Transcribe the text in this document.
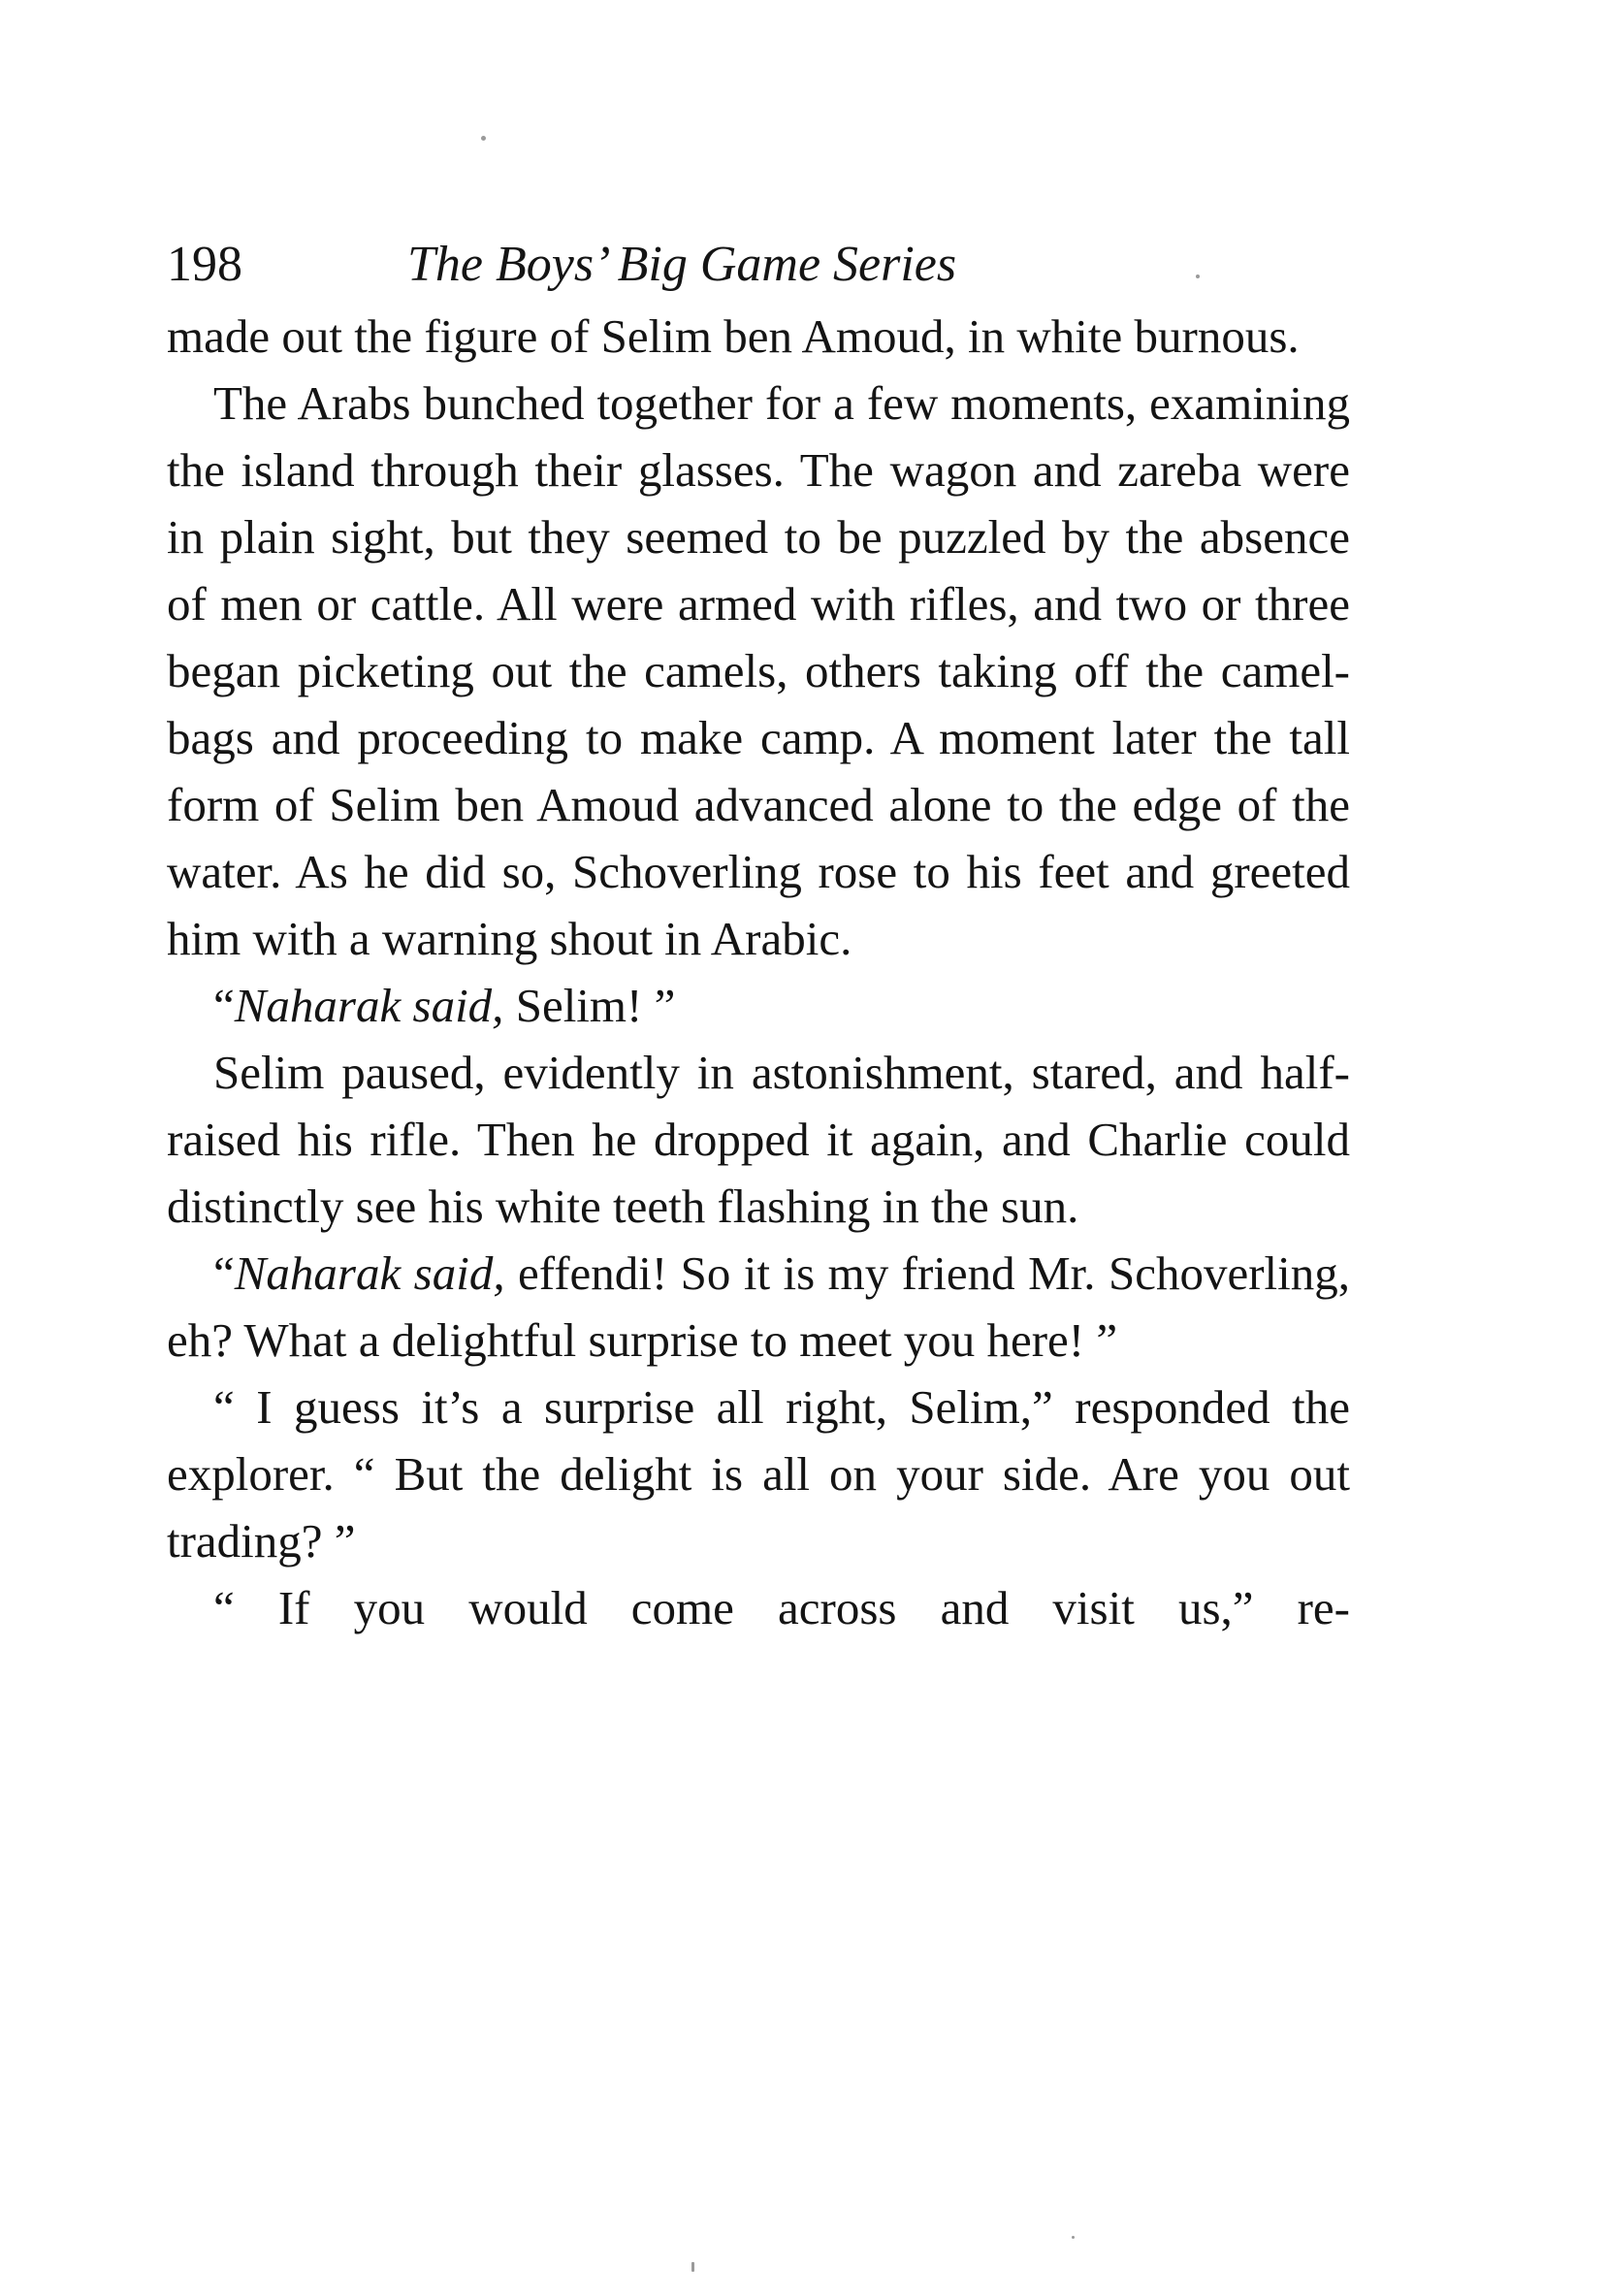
198	The Boys’ Big Game Series

made out the figure of Selim ben Amoud, in white burnous.

The Arabs bunched together for a few moments, examining the island through their glasses. The wagon and zareba were in plain sight, but they seemed to be puzzled by the absence of men or cattle. All were armed with rifles, and two or three began picketing out the camels, others taking off the camel-bags and proceeding to make camp. A moment later the tall form of Selim ben Amoud advanced alone to the edge of the water. As he did so, Schoverling rose to his feet and greeted him with a warning shout in Arabic.

“Naharak said, Selim! ”

Selim paused, evidently in astonishment, stared, and half-raised his rifle. Then he dropped it again, and Charlie could distinctly see his white teeth flashing in the sun.

“Naharak said, effendi! So it is my friend Mr. Schoverling, eh? What a delightful surprise to meet you here! ”

“ I guess it’s a surprise all right, Selim,” responded the explorer. “ But the delight is all on your side. Are you out trading? ”

“ If you would come across and visit us,” re-
